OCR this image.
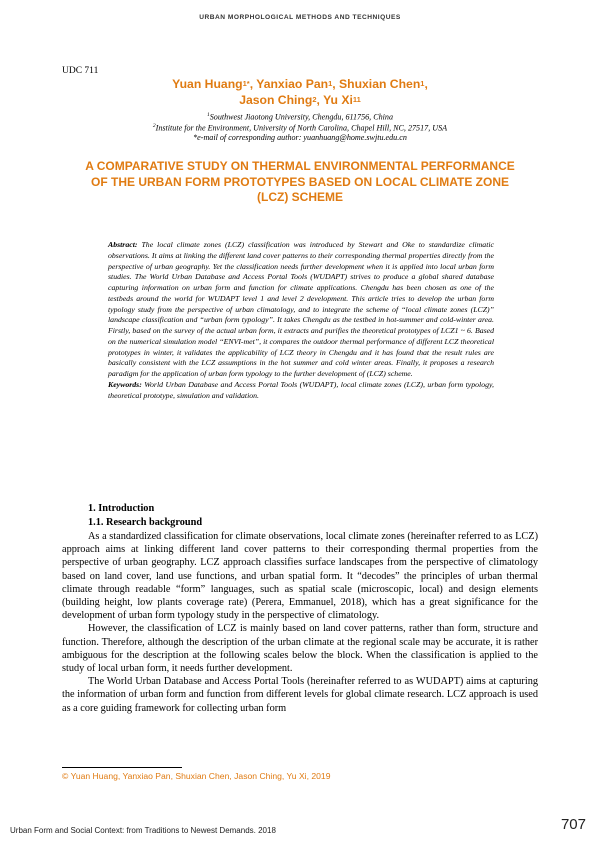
URBAN MORPHOLOGICAL METHODS AND TECHNIQUES
UDC 711
Yuan Huang$^{1*}$, Yanxiao Pan$^1$, Shuxian Chen$^1$,
Jason Ching$^2$, Yu Xi$^{11}$
$^1$Southwest Jiaotong University, Chengdu, 611756, China
$^2$Institute for the Environment, University of North Carolina, Chapel Hill, NC, 27517, USA
*e-mail of corresponding author: yuanhuang@home.swjtu.edu.cn
A COMPARATIVE STUDY ON THERMAL ENVIRONMENTAL PERFORMANCE OF THE URBAN FORM PROTOTYPES BASED ON LOCAL CLIMATE ZONE (LCZ) SCHEME
Abstract: The local climate zones (LCZ) classification was introduced by Stewart and Oke to standardize climatic observations. It aims at linking the different land cover patterns to their corresponding thermal properties directly from the perspective of urban geography. Yet the classification needs further development when it is applied into local urban form studies. The World Urban Database and Access Portal Tools (WUDAPT) strives to produce a global shared database capturing information on urban form and function for climate applications. Chengdu has been chosen as one of the testbeds around the world for WUDAPT level 1 and level 2 development. This article tries to develop the urban form typology study from the perspective of urban climatology, and to integrate the scheme of “local climate zones (LCZ)” landscape classification and “urban form typology”. It takes Chengdu as the testbed in hot-summer and cold-winter area. Firstly, based on the survey of the actual urban form, it extracts and purifies the theoretical prototypes of LCZ1 ~ 6. Based on the numerical simulation model “ENVI-met”, it compares the outdoor thermal performance of different LCZ theoretical prototypes in winter, it validates the applicability of LCZ theory in Chengdu and it has found that the result rules are basically consistent with the LCZ assumptions in the hot summer and cold winter areas. Finally, it proposes a research paradigm for the application of urban form typology to the further development of (LCZ) scheme.
Keywords: World Urban Database and Access Portal Tools (WUDAPT), local climate zones (LCZ), urban form typology, theoretical prototype, simulation and validation.
1. Introduction
1.1. Research background

As a standardized classification for climate observations, local climate zones (hereinafter referred to as LCZ) approach aims at linking different land cover patterns to their corresponding thermal properties from the perspective of urban geography. LCZ approach classifies surface landscapes from the perspective of climatology based on land cover, land use functions, and urban spatial form. It “decodes” the principles of urban thermal climate through readable “form” languages, such as spatial scale (microscopic, local) and design elements (building height, low plants coverage rate) (Perera, Emmanuel, 2018), which has a great significance for the development of urban form typology study in the perspective of climatology.

However, the classification of LCZ is mainly based on land cover patterns, rather than form, structure and function. Therefore, although the description of the urban climate at the regional scale may be accurate, it is rather ambiguous for the description at the following scales below the block. When the classification is applied to the study of local urban form, it needs further development.

The World Urban Database and Access Portal Tools (hereinafter referred to as WUDAPT) aims at capturing the information of urban form and function from different levels for global climate research. LCZ approach is used as a core guiding framework for collecting urban form

© Yuan Huang, Yanxiao Pan, Shuxian Chen, Jason Ching, Yu Xi, 2019
Urban Form and Social Context: from Traditions to Newest Demands. 2018	707
